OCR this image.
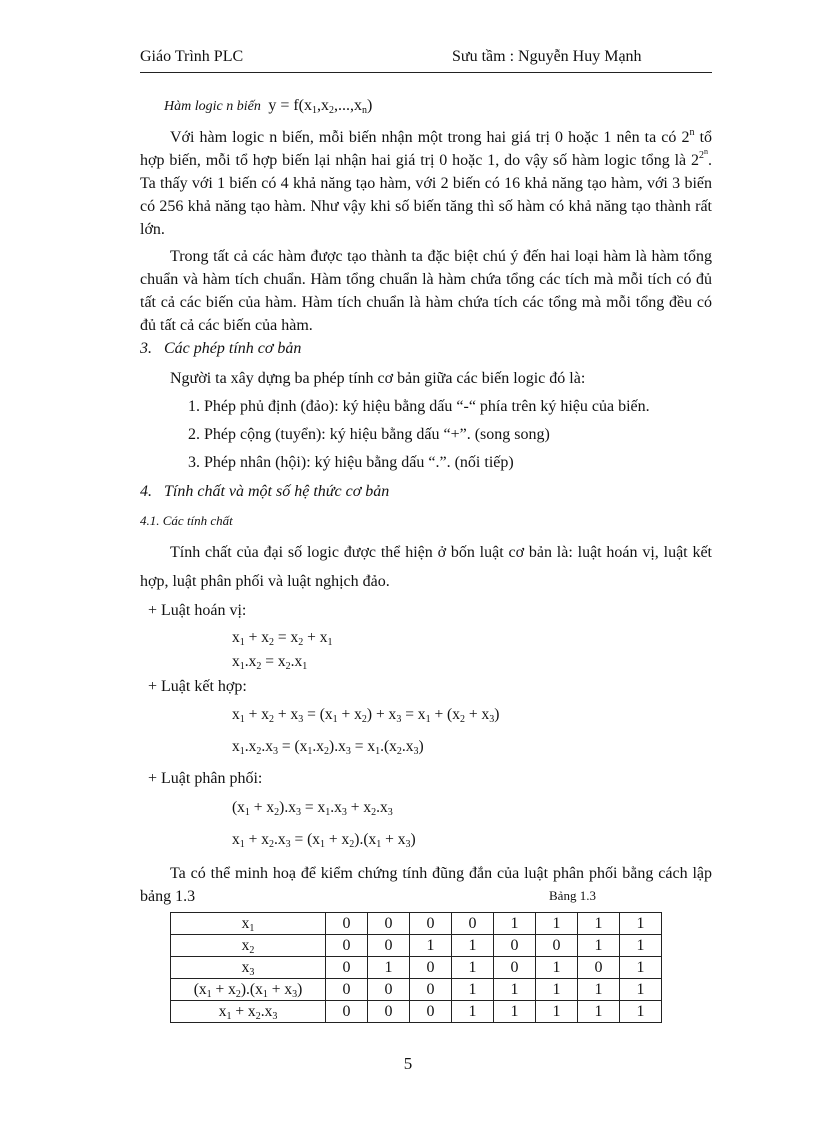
Giáo Trình PLC	Sưu tầm : Nguyễn Huy Mạnh
Hàm logic n biến  $y = f(x_1,x_2,...,x_n)$
Với hàm logic n biến, mỗi biến nhận một trong hai giá trị 0 hoặc 1 nên ta có 2$^n$ tổ hợp biến, mỗi tổ hợp biến lại nhận hai giá trị 0 hoặc 1, do vậy số hàm logic tổng là $2^{2^n}$. Ta thấy với 1 biến có 4 khả năng tạo hàm, với 2 biến có 16 khả năng tạo hàm, với 3 biến có 256 khả năng tạo hàm. Như vậy khi số biến tăng thì số hàm có khả năng tạo thành rất lớn.
Trong tất cả các hàm được tạo thành ta đặc biệt chú ý đến hai loại hàm là hàm tổng chuẩn và hàm tích chuẩn. Hàm tổng chuẩn là hàm chứa tổng các tích mà mỗi tích có đủ tất cả các biến của hàm. Hàm tích chuẩn là hàm chứa tích các tổng mà mỗi tổng đều có đủ tất cả các biến của hàm.
3. Các phép tính cơ bản
Người ta xây dựng ba phép tính cơ bản giữa các biến logic đó là:
1. Phép phủ định (đảo): ký hiệu bằng dấu “-“ phía trên ký hiệu của biến.
2. Phép cộng (tuyển): ký hiệu bằng dấu “+”. (song song)
3. Phép nhân (hội): ký hiệu bằng dấu “.”. (nối tiếp)
4. Tính chất và một số hệ thức cơ bản
4.1. Các tính chất
Tính chất của đại số logic được thể hiện ở bốn luật cơ bản là: luật hoán vị, luật kết hợp, luật phân phối và luật nghịch đảo.
+ Luật hoán vị:
$x_1 + x_2 = x_2 + x_1$
$x_1.x_2 = x_2.x_1$
+ Luật kết hợp:
$x_1 + x_2 + x_3 = (x_1 + x_2) + x_3 = x_1 + (x_2 + x_3)$
$x_1.x_2.x_3 = (x_1.x_2).x_3 = x_1.(x_2.x_3)$
+ Luật phân phối:
$(x_1 + x_2).x_3 = x_1.x_3 + x_2.x_3$
$x_1 + x_2.x_3 = (x_1 + x_2).(x_1 + x_3)$
Ta có thể minh hoạ để kiểm chứng tính đũng đắn của luật phân phối bằng cách lập bảng 1.3	Bảng 1.3
$x_1$	0	0	0	0	1	1	1	1
$x_2$	0	0	1	1	0	0	1	1
$x_3$	0	1	0	1	0	1	0	1
$(x_1 + x_2).(x_1 + x_3)$	0	0	0	1	1	1	1	1
$x_1 + x_2.x_3$	0	0	0	1	1	1	1	1
5
